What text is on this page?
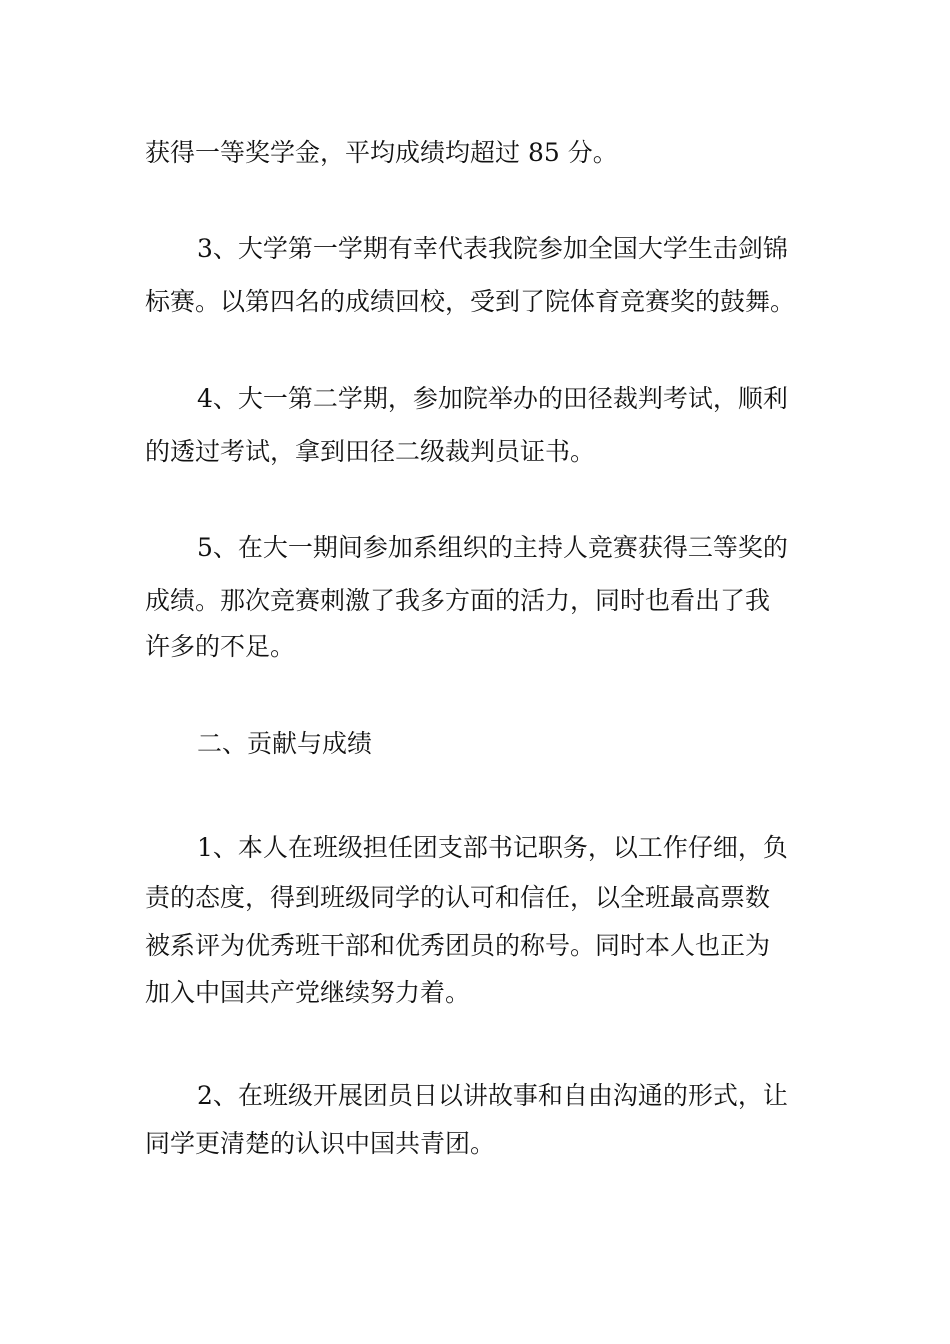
获得一等奖学金，平均成绩均超过 85 分。
3、大学第一学期有幸代表我院参加全国大学生击剑锦
标赛。以第四名的成绩回校，受到了院体育竞赛奖的鼓舞。
4、大一第二学期，参加院举办的田径裁判考试，顺利
的透过考试，拿到田径二级裁判员证书。
5、在大一期间参加系组织的主持人竞赛获得三等奖的
成绩。那次竞赛刺激了我多方面的活力，同时也看出了我
许多的不足。
二、贡献与成绩
1、本人在班级担任团支部书记职务，以工作仔细，负
责的态度，得到班级同学的认可和信任，以全班最高票数
被系评为优秀班干部和优秀团员的称号。同时本人也正为
加入中国共产党继续努力着。
2、在班级开展团员日以讲故事和自由沟通的形式，让
同学更清楚的认识中国共青团。
